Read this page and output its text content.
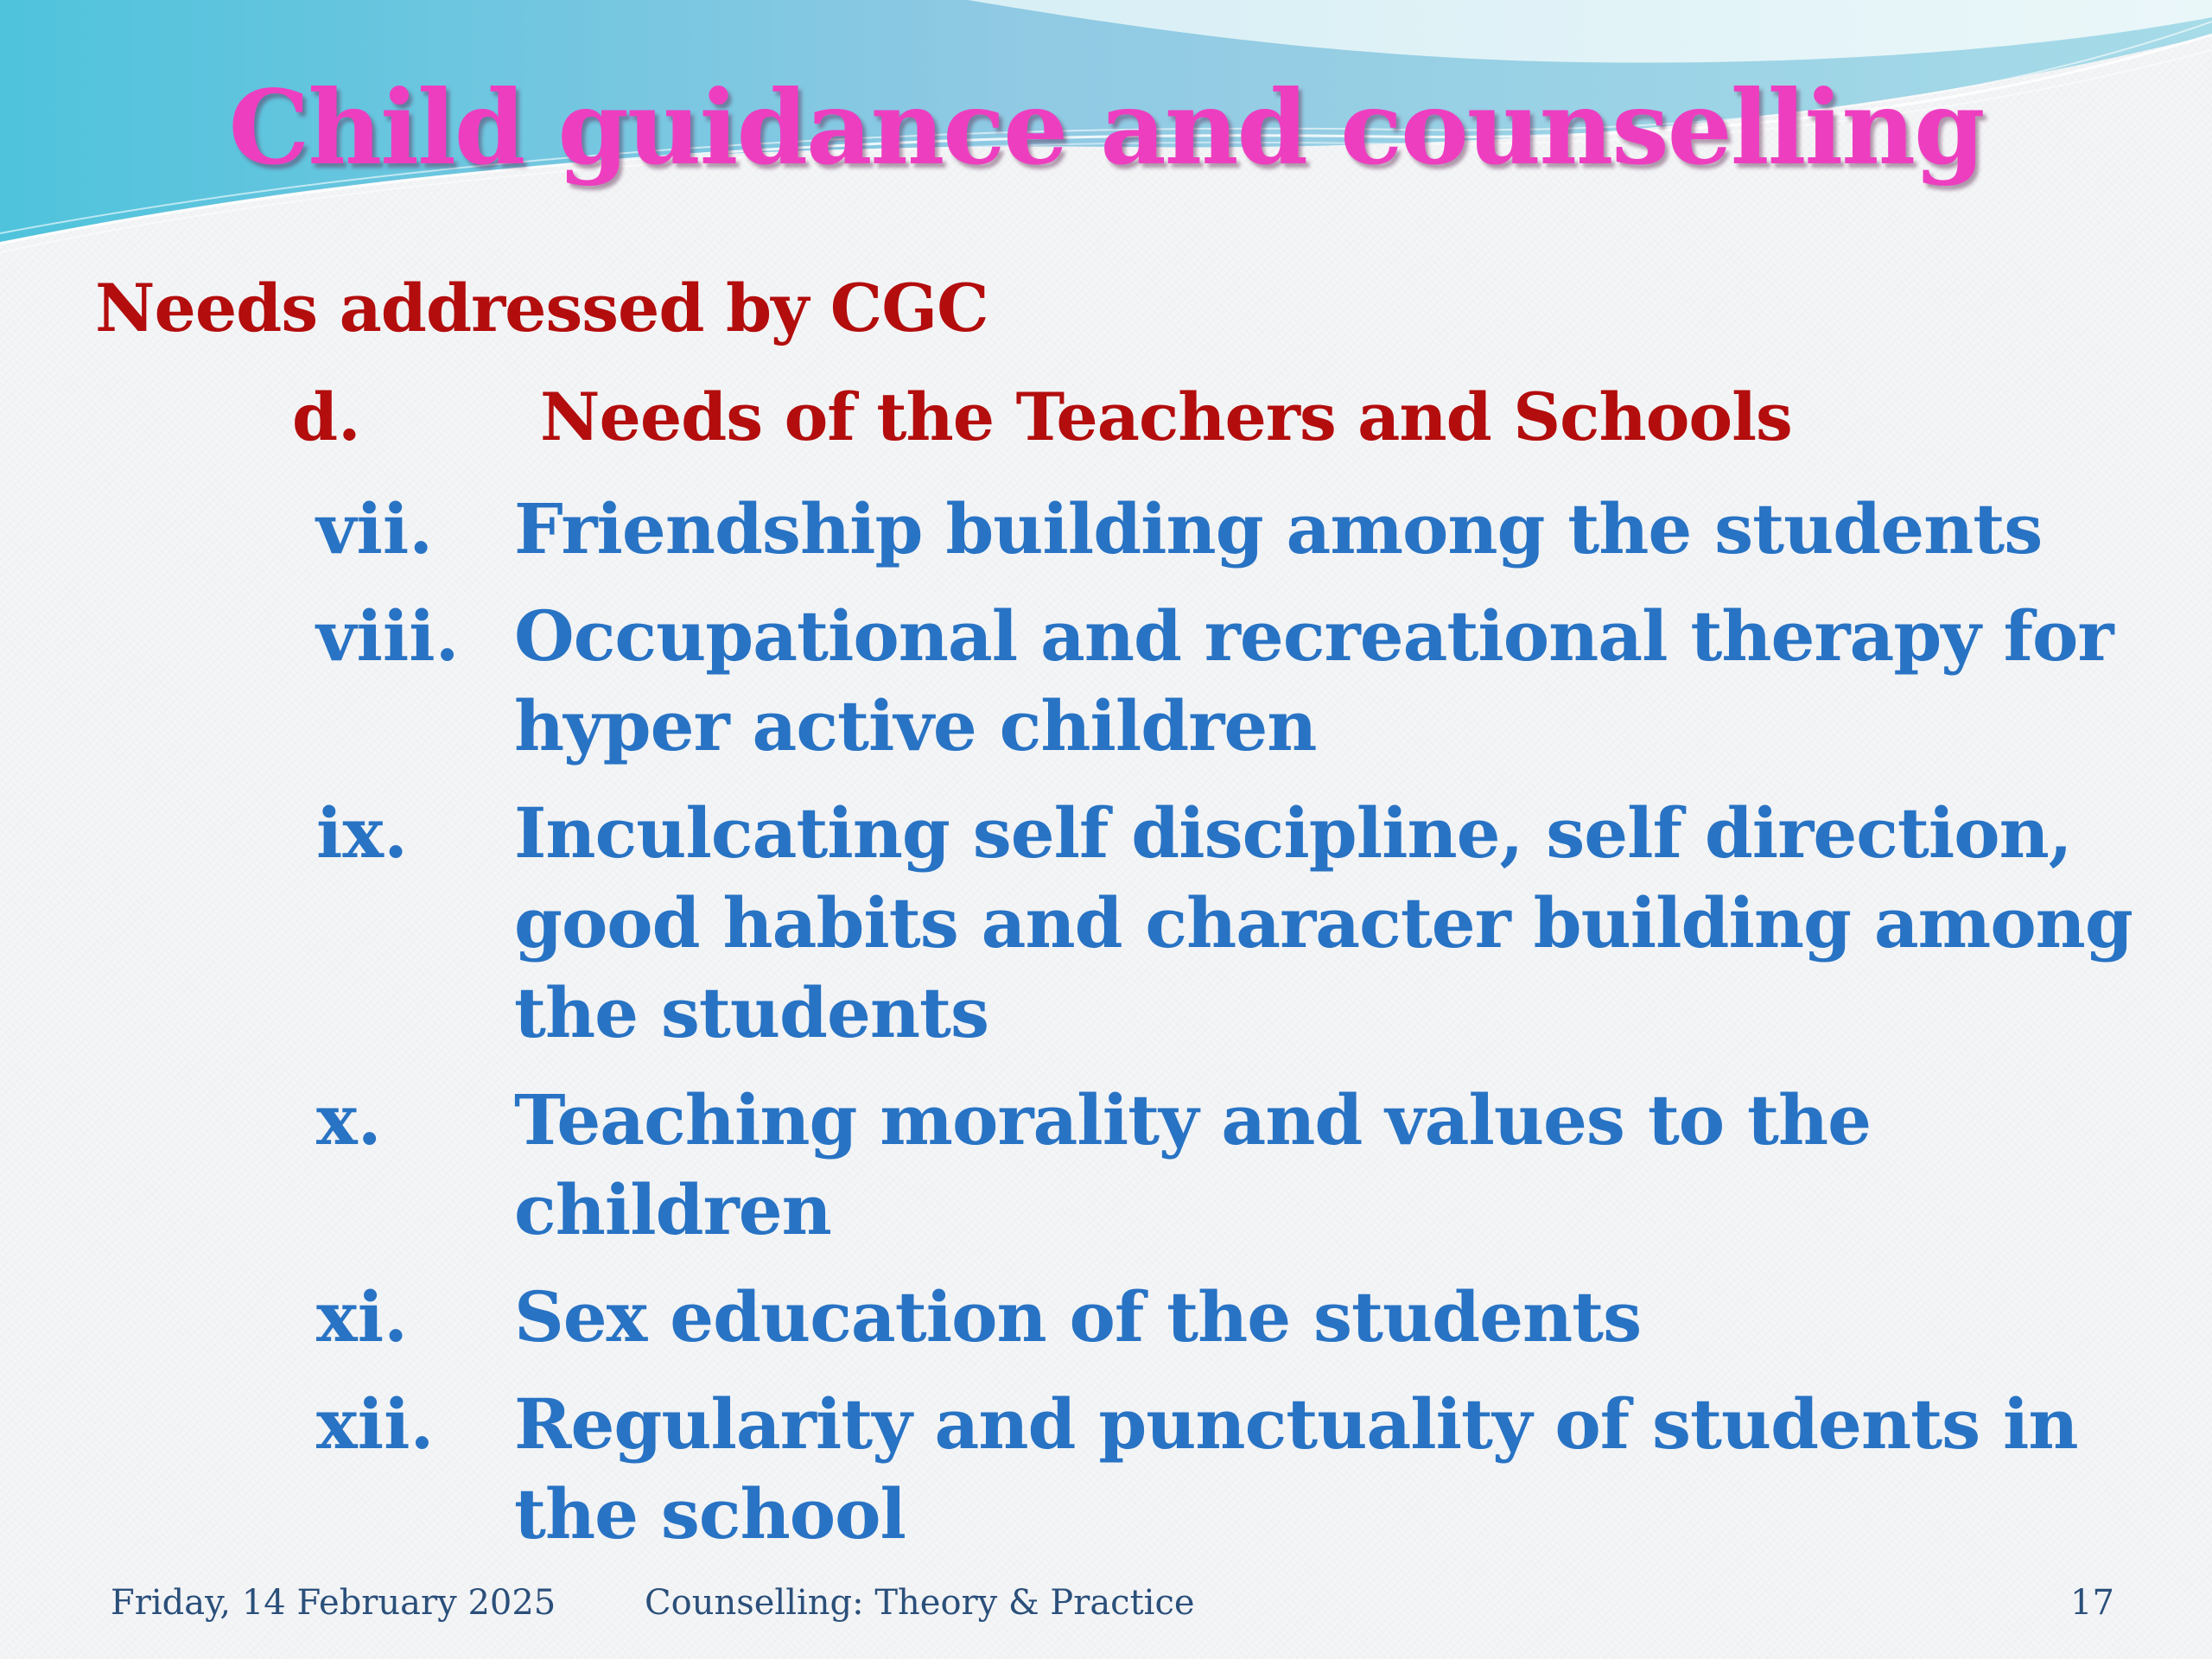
Child guidance and counselling
Needs addressed by CGC
d.	Needs of the Teachers and Schools
vii. Friendship building among the students
viii. Occupational and recreational therapy for hyper active children
ix. Inculcating self discipline, self direction, good habits and character building among the students
x. Teaching morality and values to the children
xi. Sex education of the students
xii. Regularity and punctuality of students in the school
Friday, 14 February 2025	Counselling: Theory & Practice	17
